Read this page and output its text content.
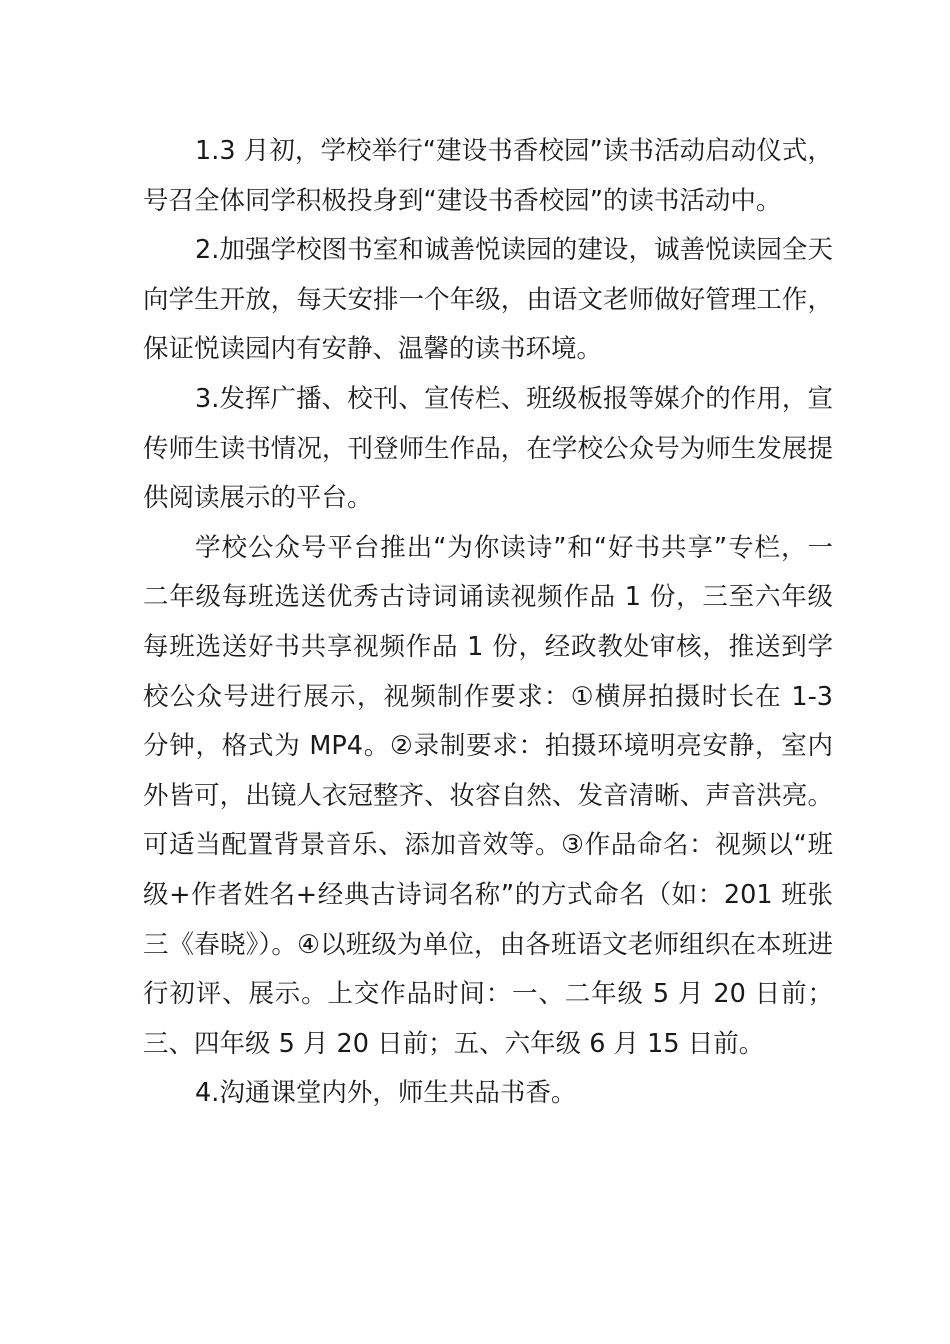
1.3 月初，学校举行“建设书香校园”读书活动启动仪式，号召全体同学积极投身到“建设书香校园”的读书活动中。

2.加强学校图书室和诚善悦读园的建设，诚善悦读园全天向学生开放，每天安排一个年级，由语文老师做好管理工作，保证悦读园内有安静、温馨的读书环境。

3.发挥广播、校刊、宣传栏、班级板报等媒介的作用，宣传师生读书情况，刊登师生作品，在学校公众号为师生发展提供阅读展示的平台。

学校公众号平台推出“为你读诗”和“好书共享”专栏，一二年级每班选送优秀古诗词诵读视频作品 1 份，三至六年级每班选送好书共享视频作品 1 份，经政教处审核，推送到学校公众号进行展示，视频制作要求：①横屏拍摄时长在 1-3 分钟，格式为 MP4。②录制要求：拍摄环境明亮安静，室内外皆可，出镜人衣冠整齐、妆容自然、发音清晰、声音洪亮。可适当配置背景音乐、添加音效等。③作品命名：视频以“班级+作者姓名+经典古诗词名称”的方式命名（如：201 班张三《春晓》）。④以班级为单位，由各班语文老师组织在本班进行初评、展示。上交作品时间：一、二年级 5 月 20 日前；三、四年级 5 月 20 日前；五、六年级 6 月 15 日前。

4.沟通课堂内外，师生共品书香。
